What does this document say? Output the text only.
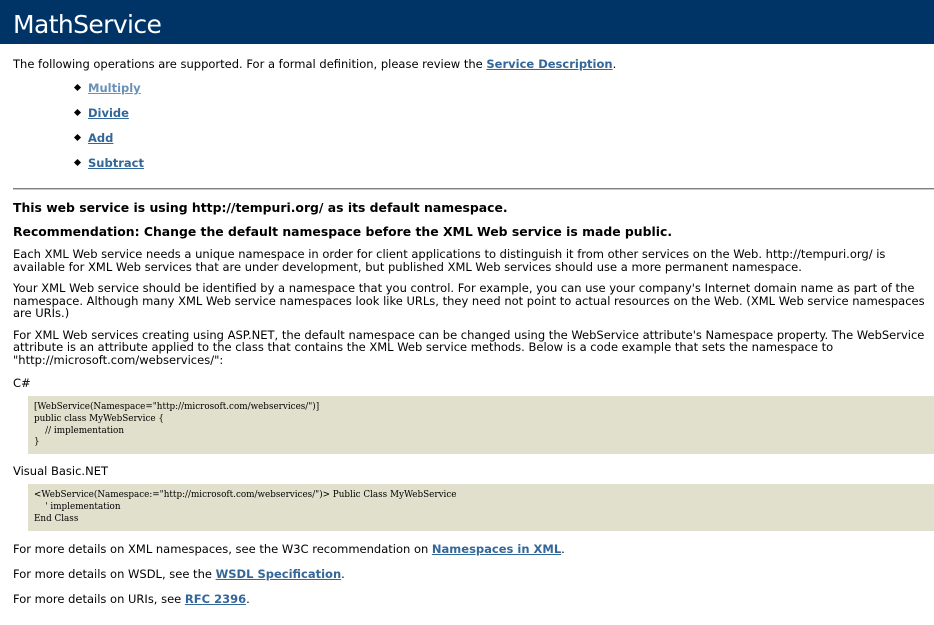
MathService

The following operations are supported. For a formal definition, please review the Service Description.

Multiply
Divide
Add
Subtract

This web service is using http://tempuri.org/ as its default namespace.

Recommendation: Change the default namespace before the XML Web service is made public.

Each XML Web service needs a unique namespace in order for client applications to distinguish it from other services on the Web. http://tempuri.org/ is available for XML Web services that are under development, but published XML Web services should use a more permanent namespace.

Your XML Web service should be identified by a namespace that you control. For example, you can use your company's Internet domain name as part of the namespace. Although many XML Web service namespaces look like URLs, they need not point to actual resources on the Web. (XML Web service namespaces are URIs.)

For XML Web services creating using ASP.NET, the default namespace can be changed using the WebService attribute's Namespace property. The WebService attribute is an attribute applied to the class that contains the XML Web service methods. Below is a code example that sets the namespace to "http://microsoft.com/webservices/":

C#

[WebService(Namespace="http://microsoft.com/webservices/")]
public class MyWebService {
// implementation
}

Visual Basic.NET

<WebService(Namespace:="http://microsoft.com/webservices/")> Public Class MyWebService
' implementation
End Class

For more details on XML namespaces, see the W3C recommendation on Namespaces in XML.

For more details on WSDL, see the WSDL Specification.

For more details on URIs, see RFC 2396.
